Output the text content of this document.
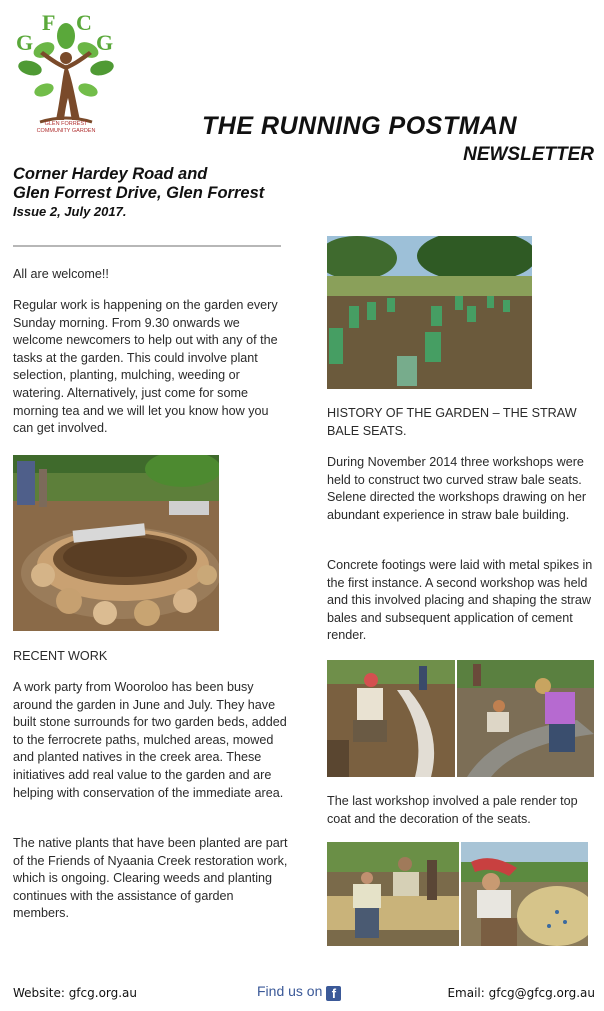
F C
G	G
GLEN FORREST
COMMUNITY GARDEN	THE RUNNING POSTMAN
NEWSLETTER
Corner Hardey Road and
Glen Forrest Drive, Glen Forrest
Issue 2, July 2017.

All are welcome!!

Regular work is happening on the garden every Sunday morning. From 9.30 onwards we welcome newcomers to help out with any of the tasks at the garden. This could involve plant selection, planting, mulching, weeding or watering. Alternatively, just come for some morning tea and we will let you know how you can get involved.

RECENT WORK

A work party from Wooroloo has been busy around the garden in June and July. They have built stone surrounds for two garden beds, added to the ferrocrete paths, mulched areas, mowed and planted natives in the creek area. These initiatives add real value to the garden and are helping with conservation of the immediate area.

The native plants that have been planted are part of the Friends of Nyaania Creek restoration work, which is ongoing. Clearing weeds and planting continues with the assistance of garden members.

HISTORY OF THE GARDEN – THE STRAW BALE SEATS.

During November 2014 three workshops were held to construct two curved straw bale seats. Selene directed the workshops drawing on her abundant experience in straw bale building.

Concrete footings were laid with metal spikes in the first instance. A second workshop was held and this involved placing and shaping the straw bales and subsequent application of cement render.

The last workshop involved a pale render top coat and the decoration of the seats.

Website: gfcg.org.au	Find us on f	Email: gfcg@gfcg.org.au
